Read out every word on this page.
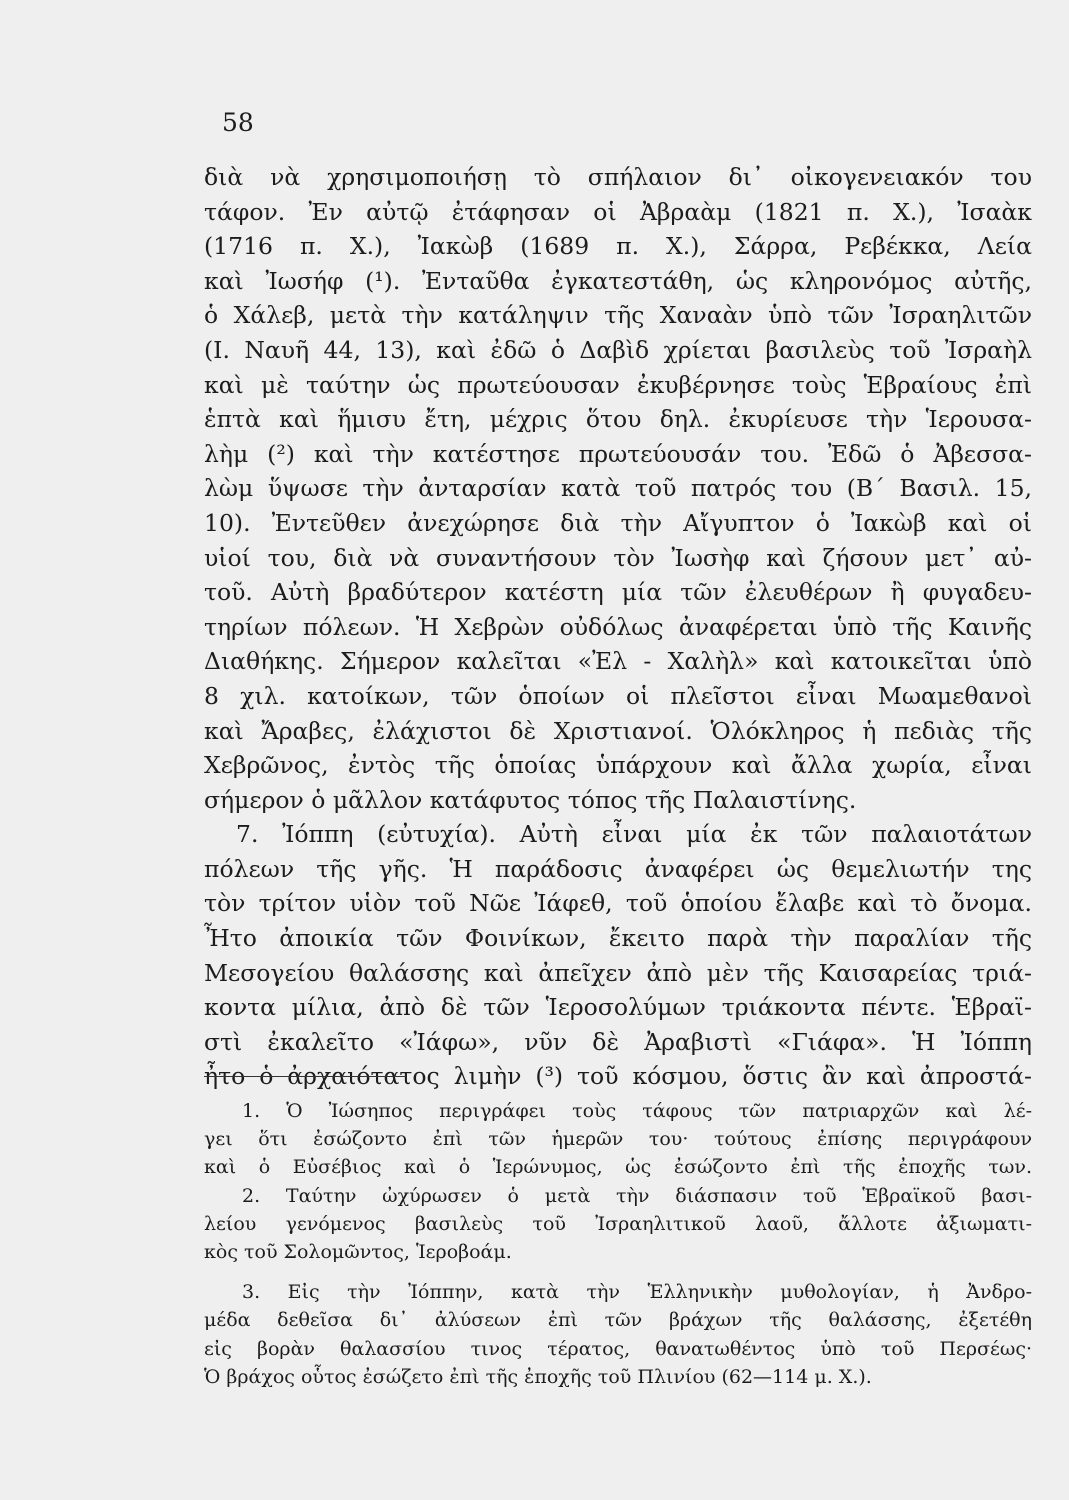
58
διὰ νὰ χρησιμοποιήσῃ τὸ σπήλαιον δι᾽ οἰκογενειακόν του
τάφον. Ἐν αὐτῷ ἐτάφησαν οἱ Ἀβραὰμ (1821 π. Χ.), Ἰσαὰκ
(1716 π. Χ.), Ἰακὼβ (1689 π. Χ.), Σάρρα, Ρεβέκκα, Λεία
καὶ Ἰωσήφ (¹). Ἐνταῦθα ἐγκατεστάθη, ὡς κληρονόμος αὐτῆς,
ὁ Χάλεβ, μετὰ τὴν κατάληψιν τῆς Χαναὰν ὑπὸ τῶν Ἰσραηλιτῶν
(Ι. Ναυῆ 44, 13), καὶ ἐδῶ ὁ Δαβὶδ χρίεται βασιλεὺς τοῦ Ἰσραὴλ
καὶ μὲ ταύτην ὡς πρωτεύουσαν ἐκυβέρνησε τοὺς Ἑβραίους ἐπὶ
ἑπτὰ καὶ ἥμισυ ἔτη, μέχρις ὅτου δηλ. ἐκυρίευσε τὴν Ἱερουσα-
λὴμ (²) καὶ τὴν κατέστησε πρωτεύουσάν του. Ἐδῶ ὁ Ἀβεσσα-
λὼμ ὕψωσε τὴν ἀνταρσίαν κατὰ τοῦ πατρός του (Β´ Βασιλ. 15,
10). Ἐντεῦθεν ἀνεχώρησε διὰ τὴν Αἴγυπτον ὁ Ἰακὼβ καὶ οἱ
υἱοί του, διὰ νὰ συναντήσουν τὸν Ἰωσὴφ καὶ ζήσουν μετ᾽ αὐ-
τοῦ. Αὐτὴ βραδύτερον κατέστη μία τῶν ἐλευθέρων ἢ φυγαδευ-
τηρίων πόλεων. Ἡ Χεβρὼν οὐδόλως ἀναφέρεται ὑπὸ τῆς Καινῆς
Διαθήκης. Σήμερον καλεῖται «Ἐλ - Χαλὴλ» καὶ κατοικεῖται ὑπὸ
8 χιλ. κατοίκων, τῶν ὁποίων οἱ πλεῖστοι εἶναι Μωαμεθανοὶ
καὶ Ἄραβες, ἐλάχιστοι δὲ Χριστιανοί. Ὁλόκληρος ἡ πεδιὰς τῆς
Χεβρῶνος, ἐντὸς τῆς ὁποίας ὑπάρχουν καὶ ἄλλα χωρία, εἶναι
σήμερον ὁ μᾶλλον κατάφυτος τόπος τῆς Παλαιστίνης.
7. Ἰόππη (εὐτυχία). Αὐτὴ εἶναι μία ἐκ τῶν παλαιοτάτων
πόλεων τῆς γῆς. Ἡ παράδοσις ἀναφέρει ὡς θεμελιωτήν της
τὸν τρίτον υἱὸν τοῦ Νῶε Ἰάφεθ, τοῦ ὁποίου ἔλαβε καὶ τὸ ὄνομα.
Ἦτο ἀποικία τῶν Φοινίκων, ἔκειτο παρὰ τὴν παραλίαν τῆς
Μεσογείου θαλάσσης καὶ ἀπεῖχεν ἀπὸ μὲν τῆς Καισαρείας τριά-
κοντα μίλια, ἀπὸ δὲ τῶν Ἱεροσολύμων τριάκοντα πέντε. Ἑβραϊ-
στὶ ἐκαλεῖτο «Ἰάφω», νῦν δὲ Ἀραβιστὶ «Γιάφα». Ἡ Ἰόππη
ἦτο ὁ ἀρχαιότατος λιμὴν (³) τοῦ κόσμου, ὅστις ἂν καὶ ἀπροστά-
1. Ὁ Ἰώσηπος περιγράφει τοὺς τάφους τῶν πατριαρχῶν καὶ λέ-
γει ὅτι ἐσώζοντο ἐπὶ τῶν ἡμερῶν του· τούτους ἐπίσης περιγράφουν
καὶ ὁ Εὐσέβιος καὶ ὁ Ἱερώνυμος, ὡς ἐσώζοντο ἐπὶ τῆς ἐποχῆς των.
2. Ταύτην ὠχύρωσεν ὁ μετὰ τὴν διάσπασιν τοῦ Ἑβραϊκοῦ βασι-
λείου γενόμενος βασιλεὺς τοῦ Ἰσραηλιτικοῦ λαοῦ, ἄλλοτε ἀξιωματι-
κὸς τοῦ Σολομῶντος, Ἱεροβοάμ.
3. Εἰς τὴν Ἰόππην, κατὰ τὴν Ἑλληνικὴν μυθολογίαν, ἡ Ἀνδρο-
μέδα δεθεῖσα δι᾽ ἀλύσεων ἐπὶ τῶν βράχων τῆς θαλάσσης, ἐξετέθη
εἰς βορὰν θαλασσίου τινος τέρατος, θανατωθέντος ὑπὸ τοῦ Περσέως·
Ὁ βράχος οὗτος ἐσώζετο ἐπὶ τῆς ἐποχῆς τοῦ Πλινίου (62—114 μ. Χ.).
